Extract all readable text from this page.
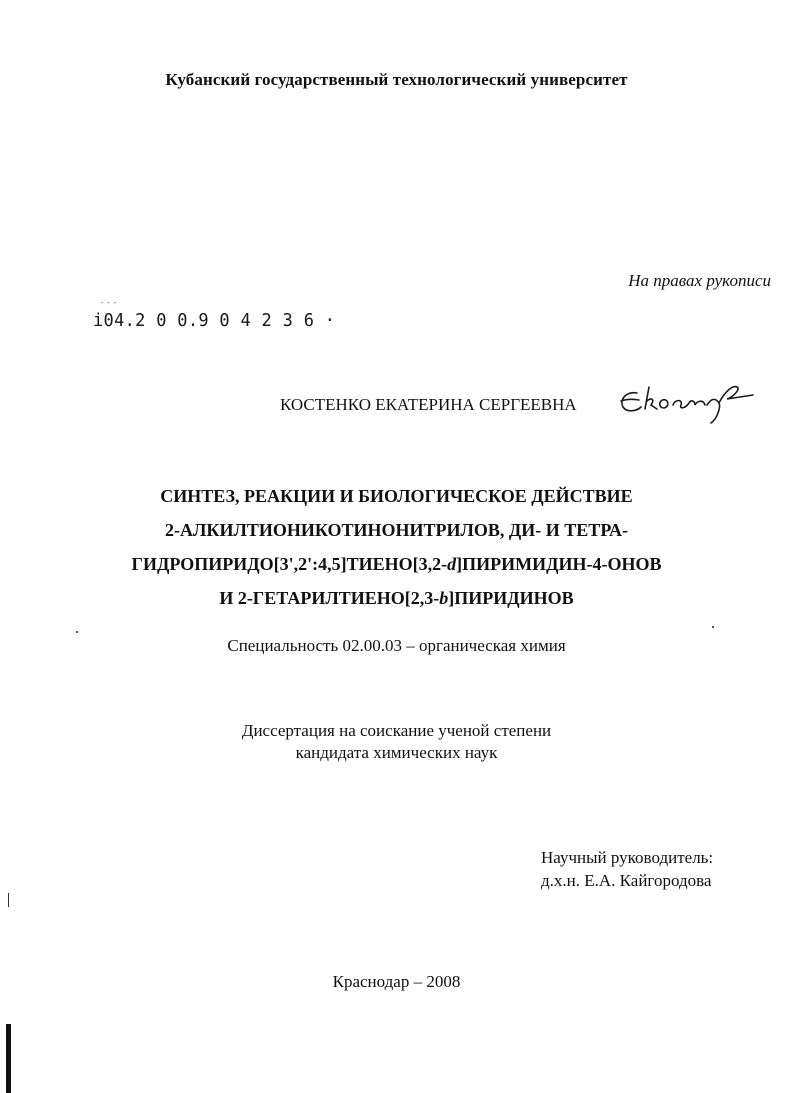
Кубанский государственный технологический университет
На правах рукописи
- - -
i04.2 0 0.9 0 4 2 3 6 ·
КОСТЕНКО ЕКАТЕРИНА СЕРГЕЕВНА
СИНТЕЗ, РЕАКЦИИ И БИОЛОГИЧЕСКОЕ ДЕЙСТВИЕ
2-АЛКИЛТИОНИКОТИНОНИТРИЛОВ, ДИ- И ТЕТРА-
ГИДРОПИРИДО[3',2':4,5]ТИЕНО[3,2-d]ПИРИМИДИН-4-ОНОВ
И 2-ГЕТАРИЛТИЕНО[2,3-b]ПИРИДИНОВ
Специальность 02.00.03 – органическая химия
Диссертация на соискание ученой степени
кандидата химических наук
Научный руководитель:
д.х.н. Е.А. Кайгородова
Краснодар – 2008
